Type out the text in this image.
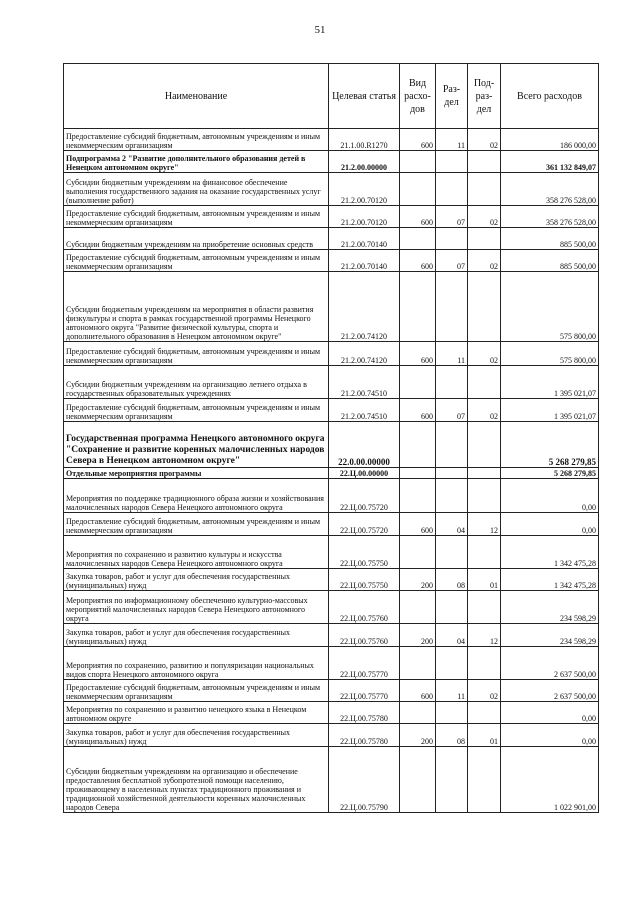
51
Наименование	Целевая статья	Вид расхо-дов	Раз-дел	Под-раз-дел	Всего расходов
Предоставление субсидий бюджетным, автономным учреждениям и иным некоммерческим организациям	21.1.00.R1270	600	11	02	186 000,00
Подпрограмма 2 "Развитие дополнительного образования детей в Ненецком автономном округе"	21.2.00.00000				361 132 849,07
Субсидии бюджетным учреждениям на финансовое обеспечение выполнения государственного задания на оказание государственных услуг (выполнение работ)	21.2.00.70120				358 276 528,00
Предоставление субсидий бюджетным, автономным учреждениям и иным некоммерческим организациям	21.2.00.70120	600	07	02	358 276 528,00
Субсидии бюджетным учреждениям на приобретение основных средств	21.2.00.70140				885 500,00
Предоставление субсидий бюджетным, автономным учреждениям и иным некоммерческим организациям	21.2.00.70140	600	07	02	885 500,00
Субсидии бюджетным учреждениям на мероприятия в области развития физкультуры и спорта в рамках государственной программы Ненецкого автономного округа "Развитие физической культуры, спорта и дополнительного образования в Ненецком автономном округе"	21.2.00.74120				575 800,00
Предоставление субсидий бюджетным, автономным учреждениям и иным некоммерческим организациям	21.2.00.74120	600	11	02	575 800,00
Субсидии бюджетным учреждениям на организацию летнего отдыха в государственных образовательных учреждениях	21.2.00.74510				1 395 021,07
Предоставление субсидий бюджетным, автономным учреждениям и иным некоммерческим организациям	21.2.00.74510	600	07	02	1 395 021,07
Государственная программа Ненецкого автономного округа "Сохранение и развитие коренных малочисленных народов Севера в Ненецком автономном округе"	22.0.00.00000				5 268 279,85
Отдельные мероприятия программы	22.Ц.00.00000				5 268 279,85
Мероприятия по поддержке традиционного образа жизни и хозяйствования малочисленных народов Севера Ненецкого автономного округа	22.Ц.00.75720				0,00
Предоставление субсидий бюджетным, автономным учреждениям и иным некоммерческим организациям	22.Ц.00.75720	600	04	12	0,00
Мероприятия по сохранению и развитию культуры и искусства малочисленных народов Севера Ненецкого автономного округа	22.Ц.00.75750				1 342 475,28
Закупка товаров, работ и услуг для обеспечения государственных (муниципальных) нужд	22.Ц.00.75750	200	08	01	1 342 475,28
Мероприятия по информационному обеспечению культурно-массовых мероприятий малочисленных народов Севера Ненецкого автономного округа	22.Ц.00.75760				234 598,29
Закупка товаров, работ и услуг для обеспечения государственных (муниципальных) нужд	22.Ц.00.75760	200	04	12	234 598,29
Мероприятия по сохранению, развитию и популяризации национальных видов спорта Ненецкого автономного округа	22.Ц.00.75770				2 637 500,00
Предоставление субсидий бюджетным, автономным учреждениям и иным некоммерческим организациям	22.Ц.00.75770	600	11	02	2 637 500,00
Мероприятия по сохранению и развитию ненецкого языка в Ненецком автономном округе	22.Ц.00.75780				0,00
Закупка товаров, работ и услуг для обеспечения государственных (муниципальных) нужд	22.Ц.00.75780	200	08	01	0,00
Субсидии бюджетным учреждениям на организацию и обеспечение предоставления бесплатной зубопротезной помощи населению, проживающему в населенных пунктах традиционного проживания и традиционной хозяйственной деятельности коренных малочисленных народов Севера	22.Ц.00.75790				1 022 901,00
